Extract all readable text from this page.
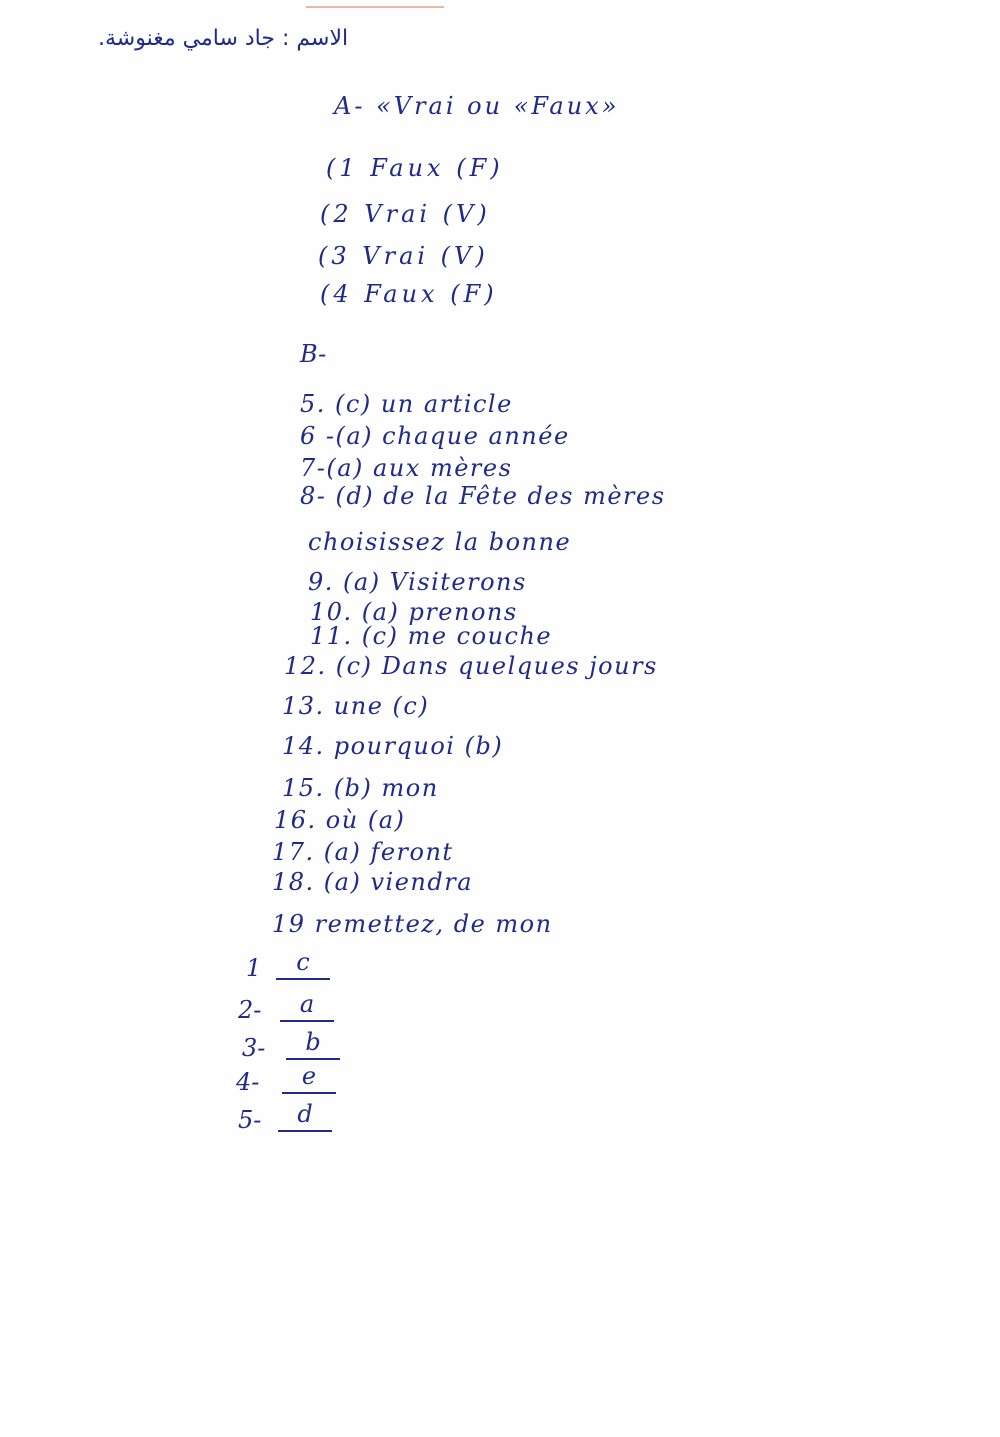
الاسم : جاد سامي مغنوشة.
A- «Vrai ou «Faux»
(1 Faux (F)
(2 Vrai (V)
(3 Vrai (V)
(4 Faux (F)
B-
5. (c) un article
6 -(a) chaque année
7-(a) aux mères
8- (d) de la Fête des mères
choisissez la bonne
9. (a) Visiterons
10. (a) prenons
11. (c) me couche
12. (c) Dans quelques jours
13. une (c)
14. pourquoi (b)
15. (b) mon
16. où (a)
17. (a) feront
18. (a) viendra
19 remettez, de mon
1	c
2-	a
3-	b
4-	e
5-	d
